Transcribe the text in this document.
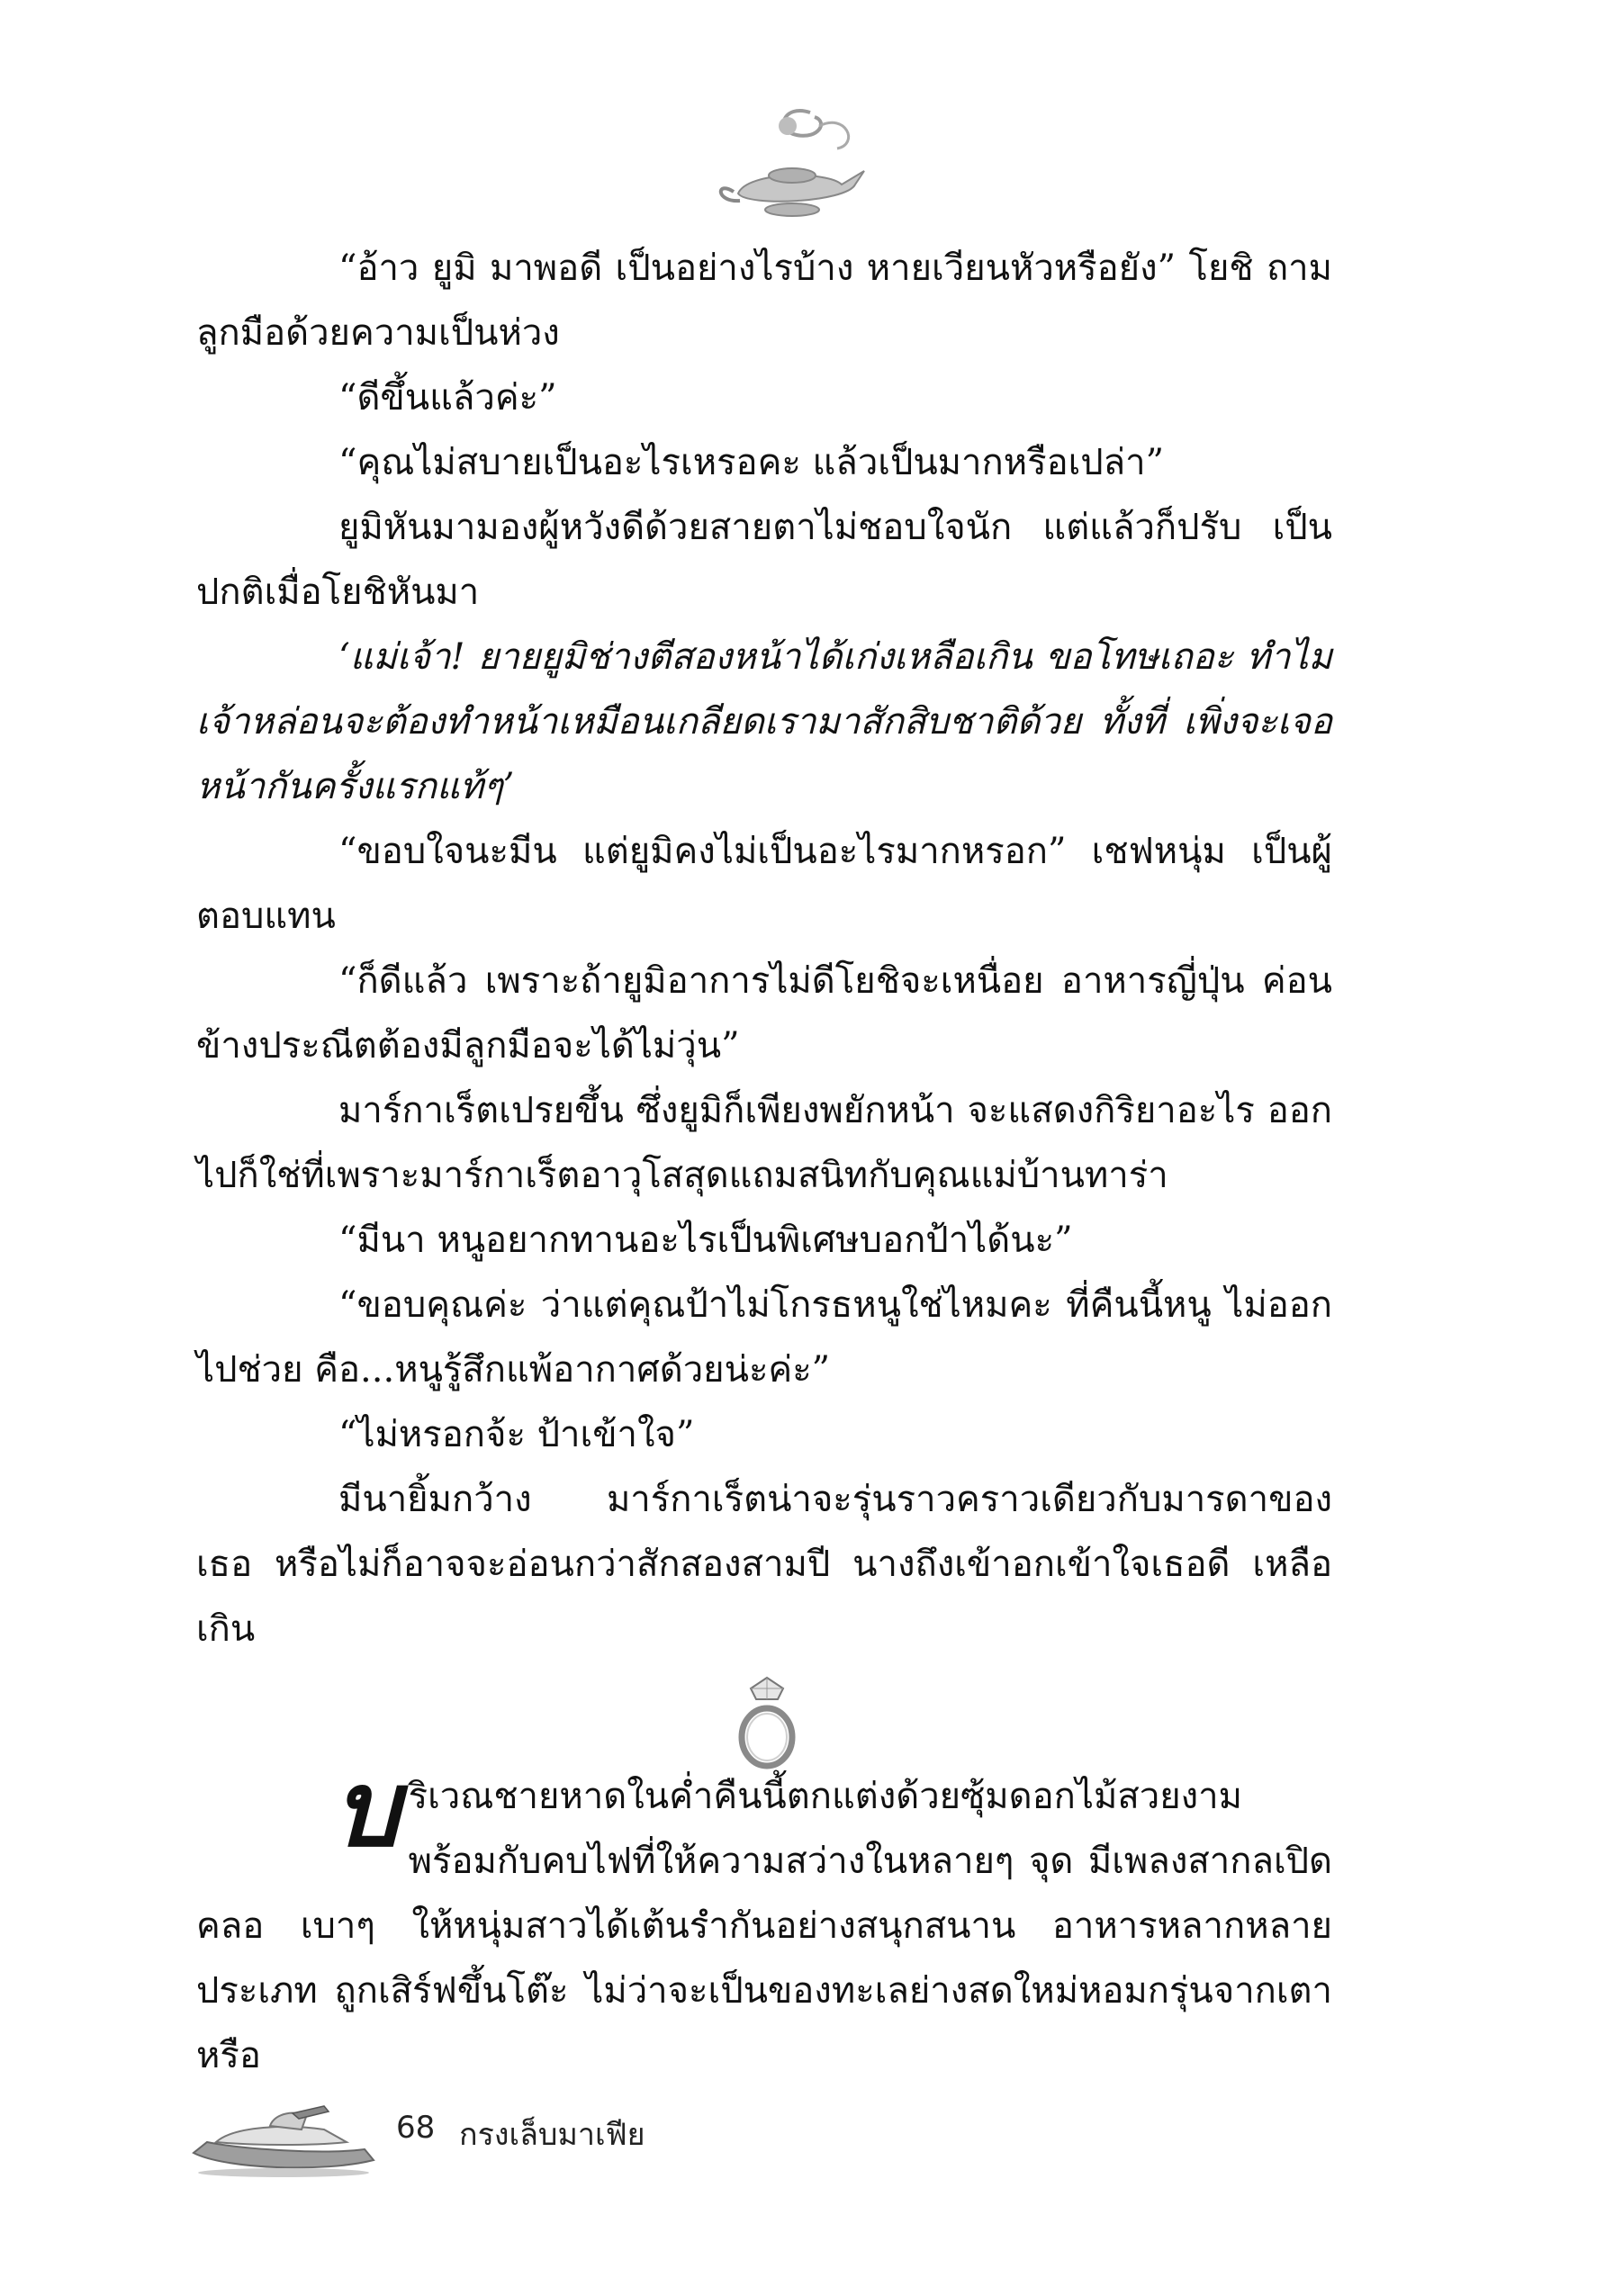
“อ้าว ยูมิ มาพอดี เป็นอย่างไรบ้าง หายเวียนหัวหรือยัง” โยชิ ถามลูกมือด้วยความเป็นห่วง

“ดีขึ้นแล้วค่ะ”

“คุณไม่สบายเป็นอะไรเหรอคะ แล้วเป็นมากหรือเปล่า”

ยูมิหันมามองผู้หวังดีด้วยสายตาไม่ชอบใจนัก แต่แล้วก็ปรับ เป็นปกติเมื่อโยชิหันมา

‘แม่เจ้า! ยายยูมิช่างตีสองหน้าได้เก่งเหลือเกิน ขอโทษเถอะ ทำไมเจ้าหล่อนจะต้องทำหน้าเหมือนเกลียดเรามาสักสิบชาติด้วย ทั้งที่ เพิ่งจะเจอหน้ากันครั้งแรกแท้ๆ’

“ขอบใจนะมีน แต่ยูมิคงไม่เป็นอะไรมากหรอก” เชฟหนุ่ม เป็นผู้ตอบแทน

“ก็ดีแล้ว เพราะถ้ายูมิอาการไม่ดีโยชิจะเหนื่อย อาหารญี่ปุ่น ค่อนข้างประณีตต้องมีลูกมือจะได้ไม่วุ่น”

มาร์กาเร็ตเปรยขึ้น ซึ่งยูมิก็เพียงพยักหน้า จะแสดงกิริยาอะไร ออกไปก็ใช่ที่เพราะมาร์กาเร็ตอาวุโสสุดแถมสนิทกับคุณแม่บ้านทาร่า

“มีนา หนูอยากทานอะไรเป็นพิเศษบอกป้าได้นะ”

“ขอบคุณค่ะ ว่าแต่คุณป้าไม่โกรธหนูใช่ไหมคะ ที่คืนนี้หนู ไม่ออกไปช่วย คือ...หนูรู้สึกแพ้อากาศด้วยน่ะค่ะ”

“ไม่หรอกจ้ะ ป้าเข้าใจ”

มีนายิ้มกว้าง มาร์กาเร็ตน่าจะรุ่นราวคราวเดียวกับมารดาของ เธอ หรือไม่ก็อาจจะอ่อนกว่าสักสองสามปี นางถึงเข้าอกเข้าใจเธอดี เหลือเกิน

บริเวณชายหาดในค่ำคืนนี้ตกแต่งด้วยซุ้มดอกไม้สวยงาม พร้อมกับคบไฟที่ให้ความสว่างในหลายๆ จุด มีเพลงสากลเปิดคลอ เบาๆ ให้หนุ่มสาวได้เต้นรำกันอย่างสนุกสนาน อาหารหลากหลายประเภท ถูกเสิร์ฟขึ้นโต๊ะ ไม่ว่าจะเป็นของทะเลย่างสดใหม่หอมกรุ่นจากเตา หรือ

68 กรงเล็บมาเฟีย
